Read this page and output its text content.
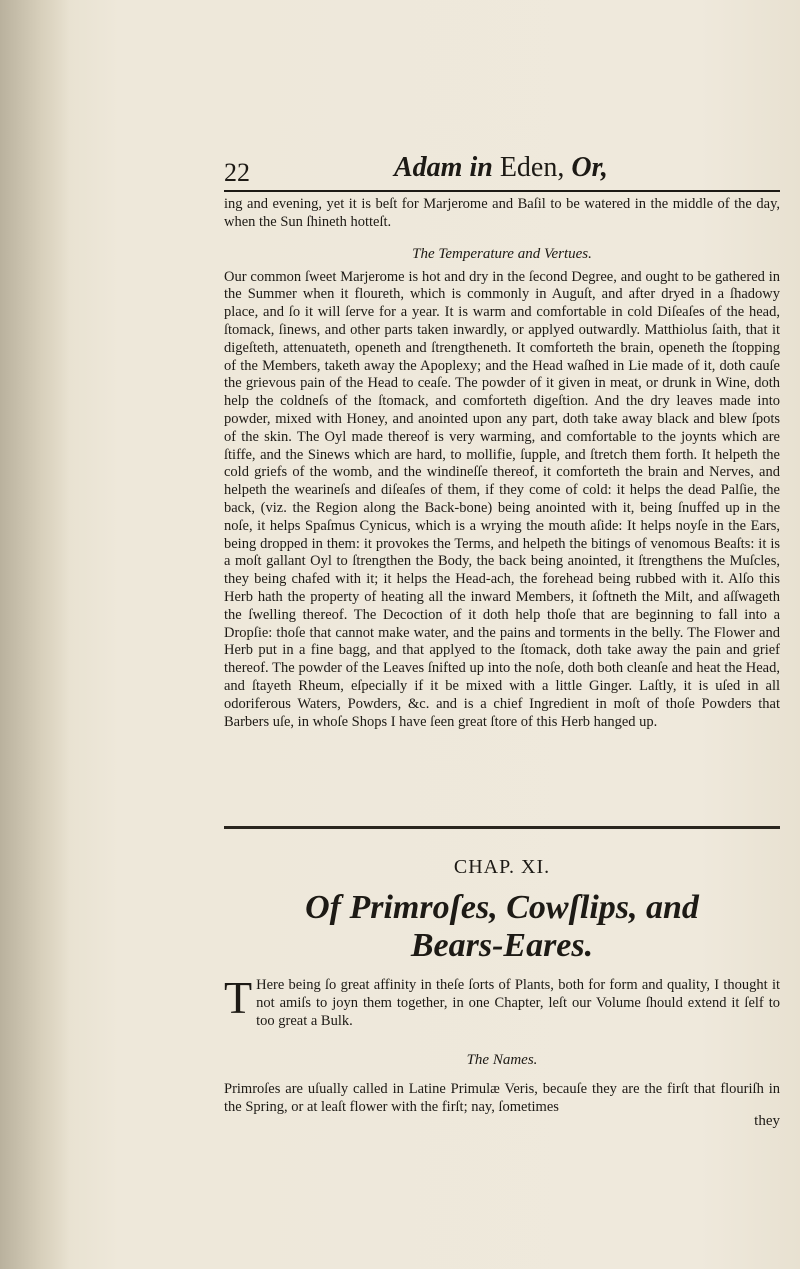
22	Adam in Eden, Or,

ing and evening, yet it is beſt for Marjerome and Baſil to be watered in the middle of the day, when the Sun ſhineth hotteſt.

The Temperature and Vertues.

Our common ſweet Marjerome is hot and dry in the ſecond Degree, and ought to be gathered in the Summer when it floureth, which is commonly in Auguſt, and after dryed in a ſhadowy place, and ſo it will ſerve for a year. It is warm and comfortable in cold Diſeaſes of the head, ſtomack, ſinews, and other parts taken inwardly, or applyed outwardly. Matthiolus ſaith, that it digeſteth, attenuateth, openeth and ſtrengtheneth. It comforteth the brain, openeth the ſtopping of the Members, taketh away the Apoplexy; and the Head waſhed in Lie made of it, doth cauſe the grievous pain of the Head to ceaſe. The powder of it given in meat, or drunk in Wine, doth help the coldneſs of the ſtomack, and comforteth digeſtion. And the dry leaves made into powder, mixed with Honey, and anointed upon any part, doth take away black and blew ſpots of the skin. The Oyl made thereof is very warming, and comfortable to the joynts which are ſtiffe, and the Sinews which are hard, to mollifie, ſupple, and ſtretch them forth. It helpeth the cold griefs of the womb, and the windineſſe thereof, it comforteth the brain and Nerves, and helpeth the wearineſs and diſeaſes of them, if they come of cold: it helps the dead Palſie, the back, (viz. the Region along the Back-bone) being anointed with it, being ſnuffed up in the noſe, it helps Spaſmus Cynicus, which is a wrying the mouth aſide: It helps noyſe in the Ears, being dropped in them: it provokes the Terms, and helpeth the bitings of venomous Beaſts: it is a moſt gallant Oyl to ſtrengthen the Body, the back being anointed, it ſtrengthens the Muſcles, they being chafed with it; it helps the Head-ach, the forehead being rubbed with it. Alſo this Herb hath the property of heating all the inward Members, it ſoftneth the Milt, and aſſwageth the ſwelling thereof. The Decoction of it doth help thoſe that are beginning to fall into a Dropſie: thoſe that cannot make water, and the pains and torments in the belly. The Flower and Herb put in a fine bagg, and that applyed to the ſtomack, doth take away the pain and grief thereof. The powder of the Leaves ſnifted up into the noſe, doth both cleanſe and heat the Head, and ſtayeth Rheum, eſpecially if it be mixed with a little Ginger. Laſtly, it is uſed in all odoriferous Waters, Powders, &c. and is a chief Ingredient in moſt of thoſe Powders that Barbers uſe, in whoſe Shops I have ſeen great ſtore of this Herb hanged up.

CHAP. XI.
Of Primroſes, Cowſlips, and
Bears-Eares.
T Here being ſo great affinity in theſe ſorts of Plants, both for form and quality, I thought it not amiſs to joyn them together, in one Chapter, leſt our Volume ſhould extend it ſelf to too great a Bulk.
The Names.
Primroſes are uſually called in Latine Primulæ Veris, becauſe they are the firſt that flouriſh in the Spring, or at leaſt flower with the firſt; nay, ſometimes
they
